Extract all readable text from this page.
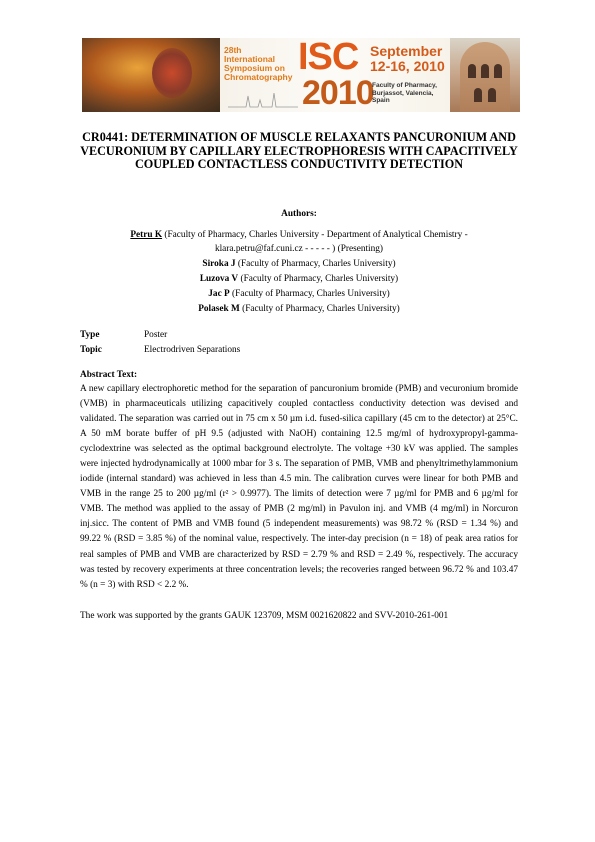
28th International Symposium on Chromatography ISC
2010
September
12-16, 2010
Faculty of Pharmacy, Burjassot, Valencia, Spain
CR0441: DETERMINATION OF MUSCLE RELAXANTS PANCURONIUM AND VECURONIUM BY CAPILLARY ELECTROPHORESIS WITH CAPACITIVELY COUPLED CONTACTLESS CONDUCTIVITY DETECTION
Authors:
Petru K (Faculty of Pharmacy, Charles University - Department of Analytical Chemistry -
klara.petru@faf.cuni.cz - - - - - ) (Presenting)
Siroka J (Faculty of Pharmacy, Charles University)
Luzova V (Faculty of Pharmacy, Charles University)
Jac P (Faculty of Pharmacy, Charles University)
Polasek M (Faculty of Pharmacy, Charles University)
Type	Poster
Topic	Electrodriven Separations
Abstract Text:
A new capillary electrophoretic method for the separation of pancuronium bromide (PMB) and vecuronium bromide (VMB) in pharmaceuticals utilizing capacitively coupled contactless conductivity detection was devised and validated. The separation was carried out in 75 cm x 50 µm i.d. fused-silica capillary (45 cm to the detector) at 25°C. A 50 mM borate buffer of pH 9.5 (adjusted with NaOH) containing 12.5 mg/ml of hydroxypropyl-gamma-cyclodextrine was selected as the optimal background electrolyte. The voltage +30 kV was applied. The samples were injected hydrodynamically at 1000 mbar for 3 s. The separation of PMB, VMB and phenyltrimethylammonium iodide (internal standard) was achieved in less than 4.5 min. The calibration curves were linear for both PMB and VMB in the range 25 to 200 µg/ml (r² > 0.9977). The limits of detection were 7 µg/ml for PMB and 6 µg/ml for VMB. The method was applied to the assay of PMB (2 mg/ml) in Pavulon inj. and VMB (4 mg/ml) in Norcuron inj.sicc. The content of PMB and VMB found (5 independent measurements) was 98.72 % (RSD = 1.34 %) and 99.22 % (RSD = 3.85 %) of the nominal value, respectively. The inter-day precision (n = 18) of peak area ratios for real samples of PMB and VMB are characterized by RSD = 2.79 % and RSD = 2.49 %, respectively. The accuracy was tested by recovery experiments at three concentration levels; the recoveries ranged between 96.72 % and 103.47 % (n = 3) with RSD < 2.2 %.
The work was supported by the grants GAUK 123709, MSM 0021620822 and SVV-2010-261-001
